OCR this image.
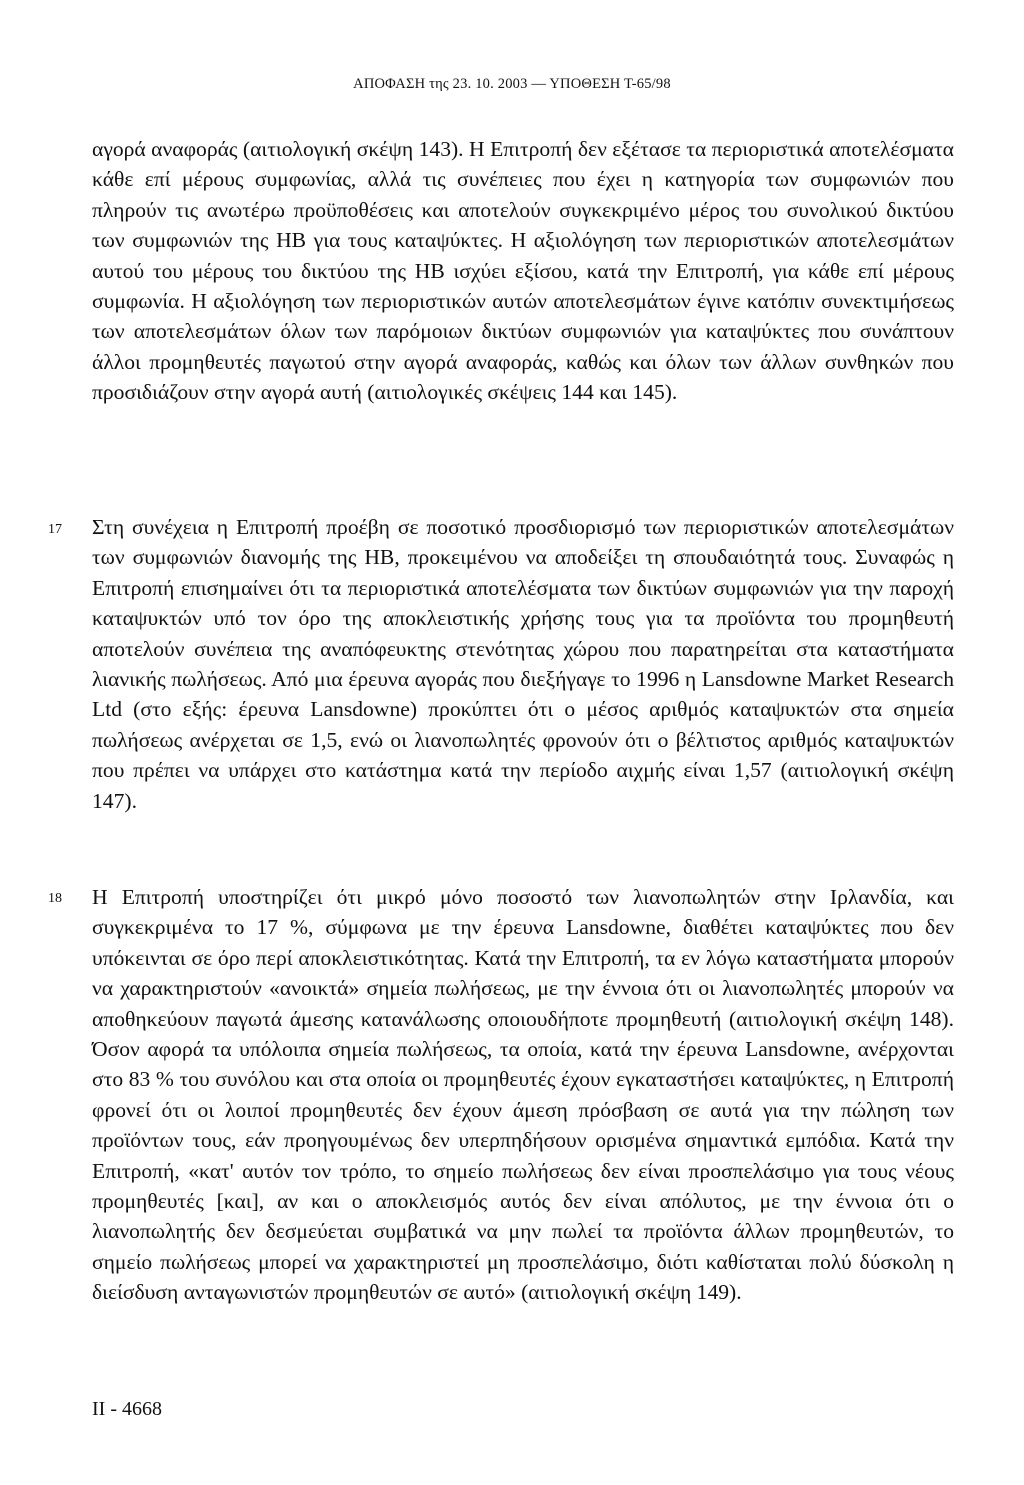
ΑΠΟΦΑΣΗ της 23. 10. 2003 — ΥΠΟΘΕΣΗ Τ-65/98

αγορά αναφοράς (αιτιολογική σκέψη 143). Η Επιτροπή δεν εξέτασε τα περιοριστικά αποτελέσματα κάθε επί μέρους συμφωνίας, αλλά τις συνέπειες που έχει η κατηγορία των συμφωνιών που πληρούν τις ανωτέρω προϋποθέσεις και αποτελούν συγκεκριμένο μέρος του συνολικού δικτύου των συμφωνιών της ΗΒ για τους καταψύκτες. Η αξιολόγηση των περιοριστικών αποτελεσμάτων αυτού του μέρους του δικτύου της ΗΒ ισχύει εξίσου, κατά την Επιτροπή, για κάθε επί μέρους συμφωνία. Η αξιολόγηση των περιοριστικών αυτών αποτελεσμάτων έγινε κατόπιν συνεκτιμήσεως των αποτελεσμάτων όλων των παρόμοιων δικτύων συμφωνιών για καταψύκτες που συνάπτουν άλλοι προμηθευτές παγωτού στην αγορά αναφοράς, καθώς και όλων των άλλων συνθηκών που προσιδιάζουν στην αγορά αυτή (αιτιολογικές σκέψεις 144 και 145).

17 Στη συνέχεια η Επιτροπή προέβη σε ποσοτικό προσδιορισμό των περιοριστικών αποτελεσμάτων των συμφωνιών διανομής της ΗΒ, προκειμένου να αποδείξει τη σπουδαιότητά τους. Συναφώς η Επιτροπή επισημαίνει ότι τα περιοριστικά αποτελέσματα των δικτύων συμφωνιών για την παροχή καταψυκτών υπό τον όρο της αποκλειστικής χρήσης τους για τα προϊόντα του προμηθευτή αποτελούν συνέπεια της αναπόφευκτης στενότητας χώρου που παρατηρείται στα καταστήματα λιανικής πωλήσεως. Από μια έρευνα αγοράς που διεξήγαγε το 1996 η Lansdowne Market Research Ltd (στο εξής: έρευνα Lansdowne) προκύπτει ότι ο μέσος αριθμός καταψυκτών στα σημεία πωλήσεως ανέρχεται σε 1,5, ενώ οι λιανοπωλητές φρονούν ότι ο βέλτιστος αριθμός καταψυκτών που πρέπει να υπάρχει στο κατάστημα κατά την περίοδο αιχμής είναι 1,57 (αιτιολογική σκέψη 147).

18 Η Επιτροπή υποστηρίζει ότι μικρό μόνο ποσοστό των λιανοπωλητών στην Ιρλανδία, και συγκεκριμένα το 17 %, σύμφωνα με την έρευνα Lansdowne, διαθέτει καταψύκτες που δεν υπόκεινται σε όρο περί αποκλειστικότητας. Κατά την Επιτροπή, τα εν λόγω καταστήματα μπορούν να χαρακτηριστούν «ανοικτά» σημεία πωλήσεως, με την έννοια ότι οι λιανοπωλητές μπορούν να αποθηκεύουν παγωτά άμεσης κατανάλωσης οποιουδήποτε προμηθευτή (αιτιολογική σκέψη 148). Όσον αφορά τα υπόλοιπα σημεία πωλήσεως, τα οποία, κατά την έρευνα Lansdowne, ανέρχονται στο 83 % του συνόλου και στα οποία οι προμηθευτές έχουν εγκαταστήσει καταψύκτες, η Επιτροπή φρονεί ότι οι λοιποί προμηθευτές δεν έχουν άμεση πρόσβαση σε αυτά για την πώληση των προϊόντων τους, εάν προηγουμένως δεν υπερπηδήσουν ορισμένα σημαντικά εμπόδια. Κατά την Επιτροπή, «κατ' αυτόν τον τρόπο, το σημείο πωλήσεως δεν είναι προσπελάσιμο για τους νέους προμηθευτές [και], αν και ο αποκλεισμός αυτός δεν είναι απόλυτος, με την έννοια ότι ο λιανοπωλητής δεν δεσμεύεται συμβατικά να μην πωλεί τα προϊόντα άλλων προμηθευτών, το σημείο πωλήσεως μπορεί να χαρακτηριστεί μη προσπελάσιμο, διότι καθίσταται πολύ δύσκολη η διείσδυση ανταγωνιστών προμηθευτών σε αυτό» (αιτιολογική σκέψη 149).

II - 4668
